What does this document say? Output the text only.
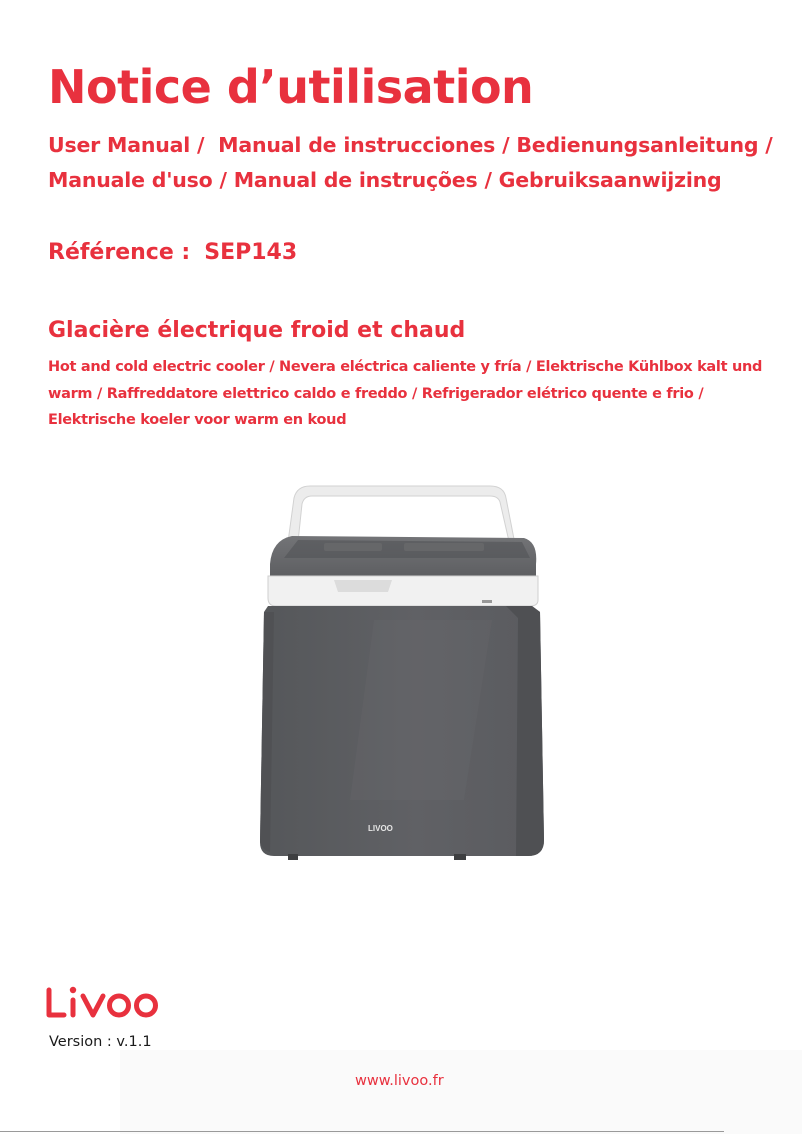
Notice d’utilisation
User Manual /  Manual de instrucciones / Bedienungsanleitung /
Manuale d'uso / Manual de instruções / Gebruiksaanwijzing
Référence : SEP143
Glacière électrique froid et chaud

Hot and cold electric cooler / Nevera eléctrica caliente y fría / Elektrische Kühlbox kalt und warm / Raffreddatore elettrico caldo e freddo / Refrigerador elétrico quente e frio / Elektrische koeler voor warm en koud

LIVOO

Version : v.1.1

www.livoo.fr
